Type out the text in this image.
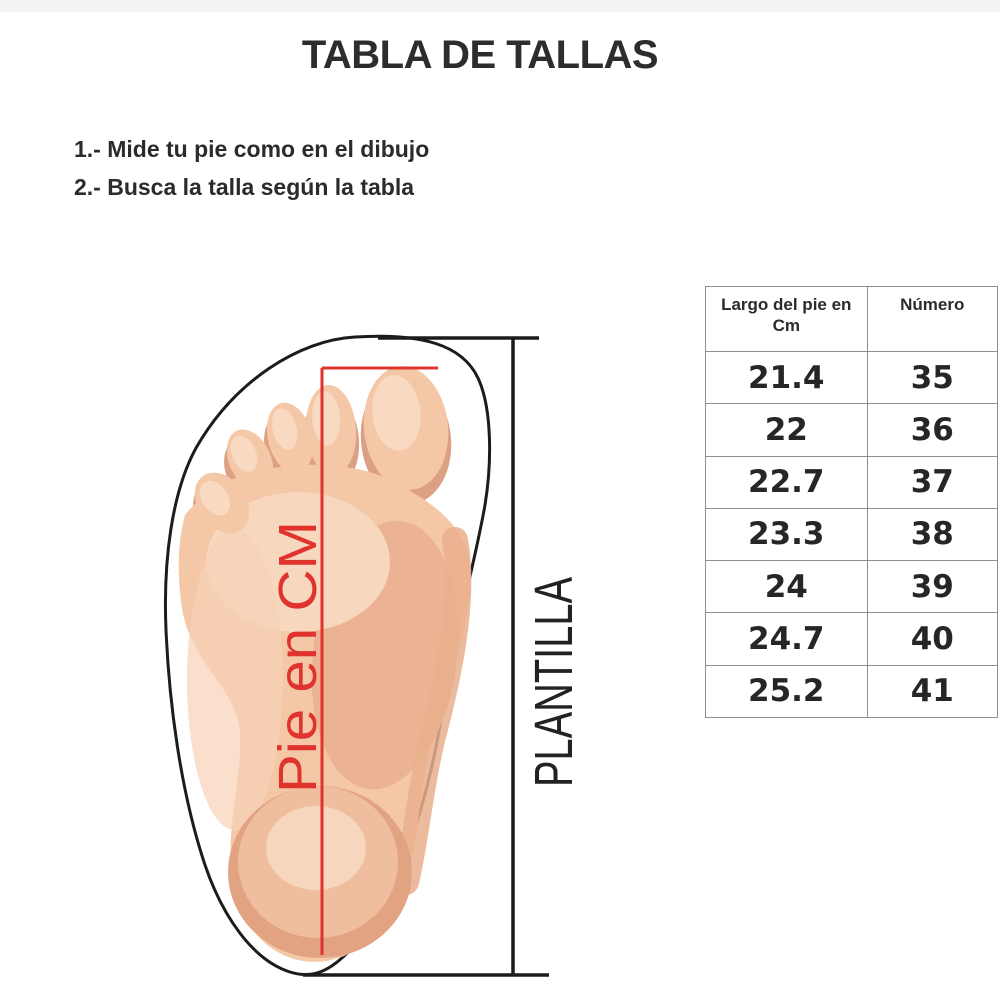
TABLA DE TALLAS
1.- Mide tu pie como en el dibujo
2.- Busca la talla según la tabla
Pie en CM	PLANTILLA
Largo del pie en Cm	Número
21.4	35
22	36
22.7	37
23.3	38
24	39
24.7	40
25.2	41
